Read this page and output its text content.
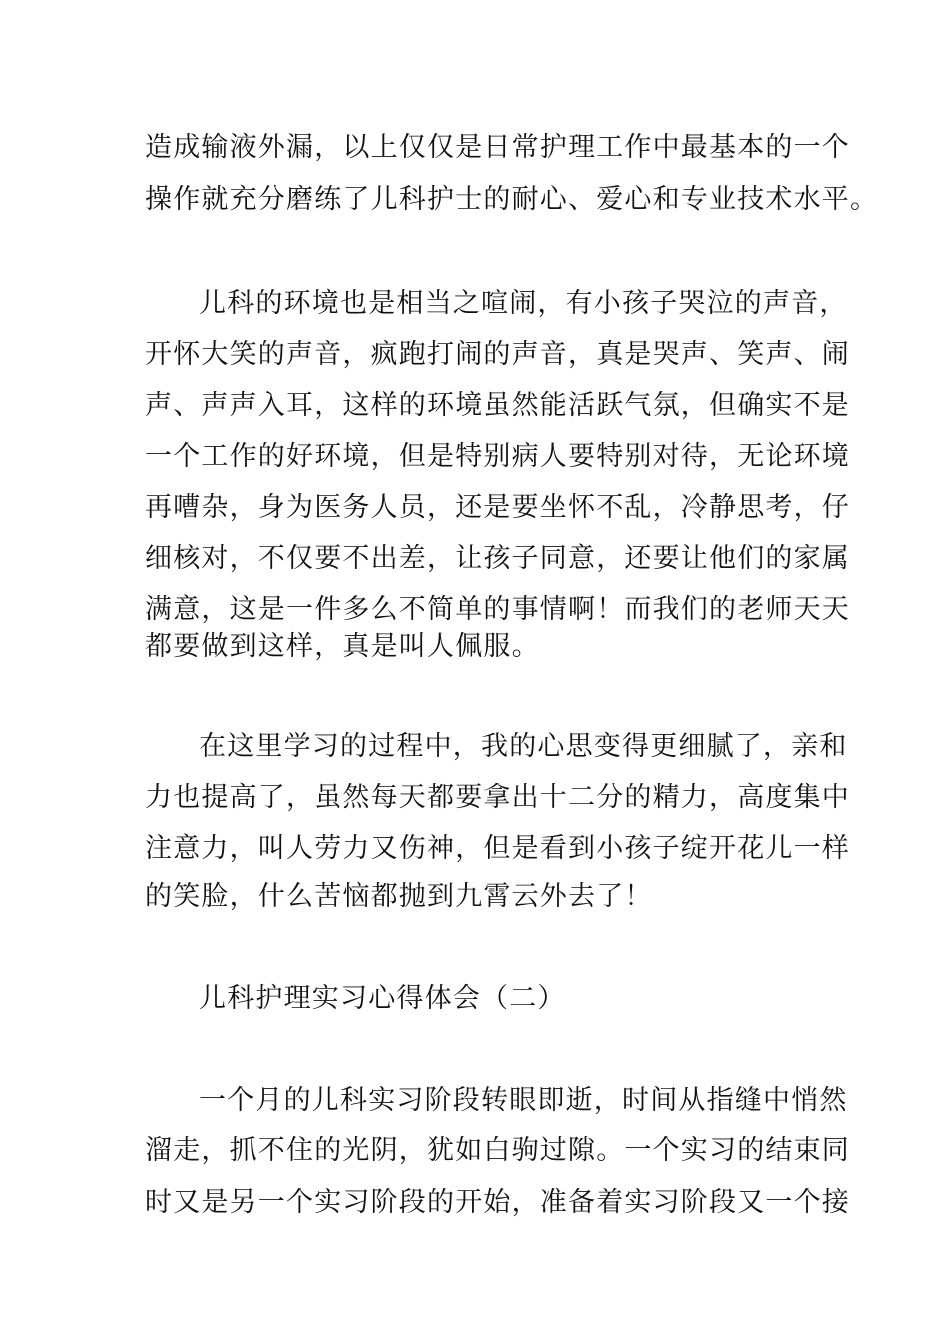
造成输液外漏，以上仅仅是日常护理工作中最基本的一个
操作就充分磨练了儿科护士的耐心、爱心和专业技术水平。
儿科的环境也是相当之喧闹，有小孩子哭泣的声音，
开怀大笑的声音，疯跑打闹的声音，真是哭声、笑声、闹
声、声声入耳，这样的环境虽然能活跃气氛，但确实不是
一个工作的好环境，但是特别病人要特别对待，无论环境
再嘈杂，身为医务人员，还是要坐怀不乱，冷静思考，仔
细核对，不仅要不出差，让孩子同意，还要让他们的家属
满意，这是一件多么不简单的事情啊！而我们的老师天天
都要做到这样，真是叫人佩服。
在这里学习的过程中，我的心思变得更细腻了，亲和
力也提高了，虽然每天都要拿出十二分的精力，高度集中
注意力，叫人劳力又伤神，但是看到小孩子绽开花儿一样
的笑脸，什么苦恼都抛到九霄云外去了！
儿科护理实习心得体会（二）
一个月的儿科实习阶段转眼即逝，时间从指缝中悄然
溜走，抓不住的光阴，犹如白驹过隙。一个实习的结束同
时又是另一个实习阶段的开始，准备着实习阶段又一个接
